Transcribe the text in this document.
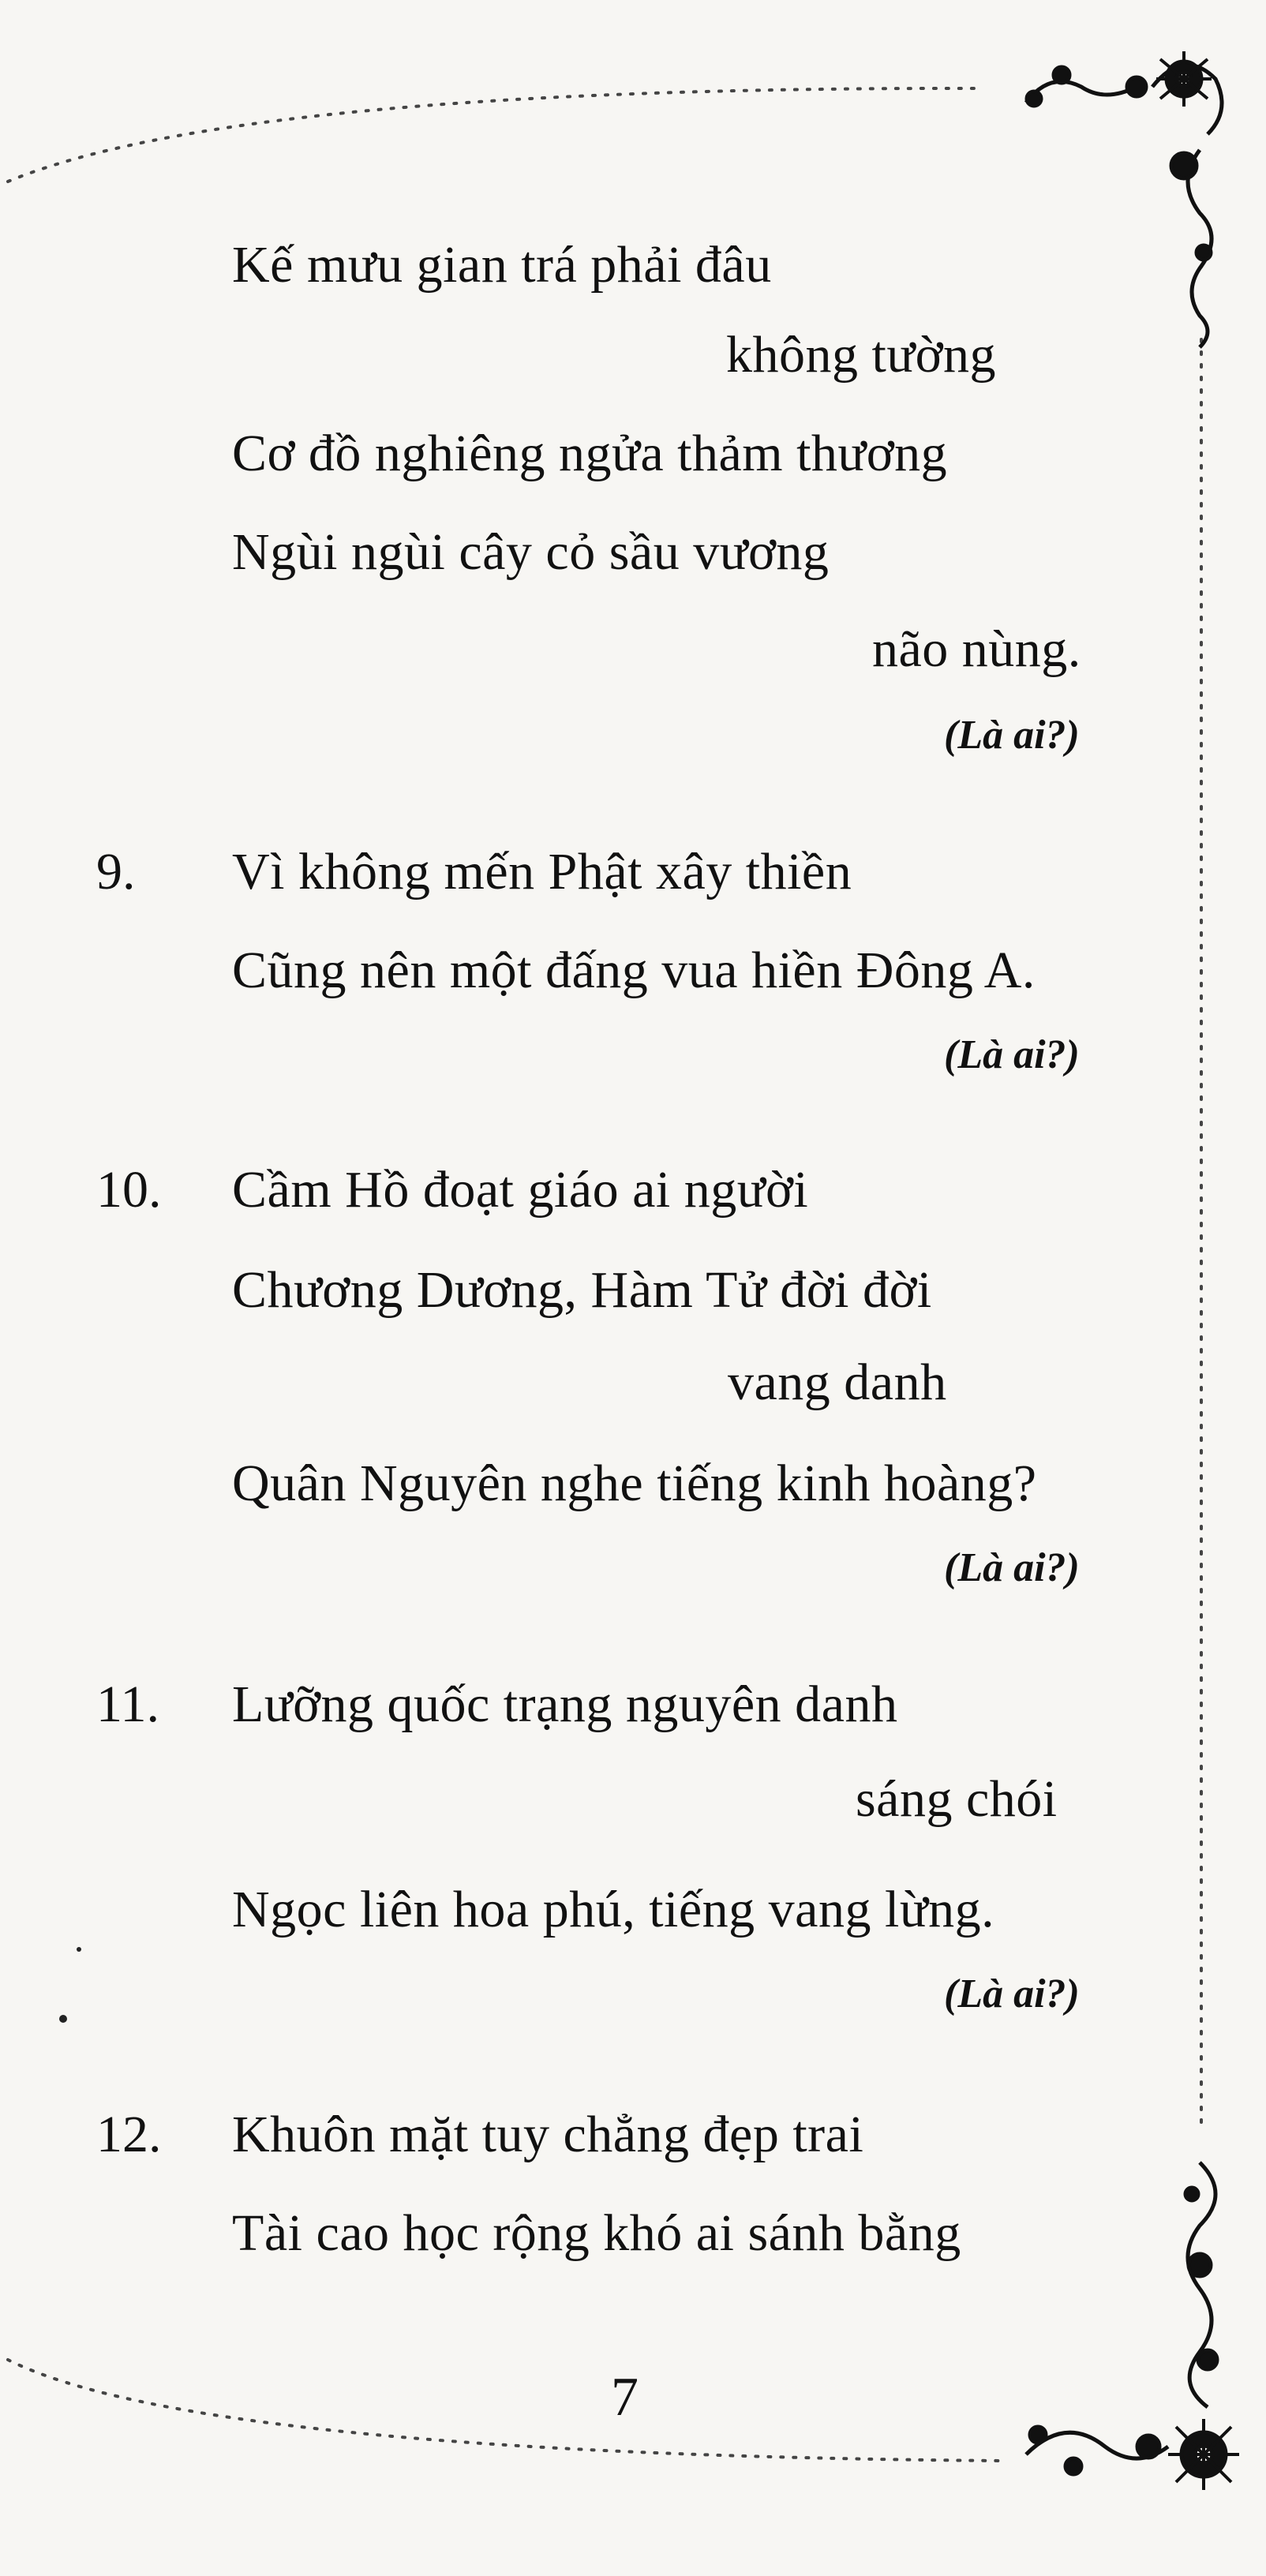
Kế mưu gian trá phải đâu
không tường
Cơ đồ nghiêng ngửa thảm thương
Ngùi ngùi cây cỏ sầu vương
não nùng.
(Là ai?)
9. Vì không mến Phật xây thiền
Cũng nên một đấng vua hiền Đông A.
(Là ai?)
10. Cầm Hồ đoạt giáo ai người
Chương Dương, Hàm Tử đời đời
vang danh
Quân Nguyên nghe tiếng kinh hoàng?
(Là ai?)
11. Lưỡng quốc trạng nguyên danh
sáng chói
Ngọc liên hoa phú, tiếng vang lừng.
(Là ai?)
12. Khuôn mặt tuy chẳng đẹp trai
Tài cao học rộng khó ai sánh bằng
7
